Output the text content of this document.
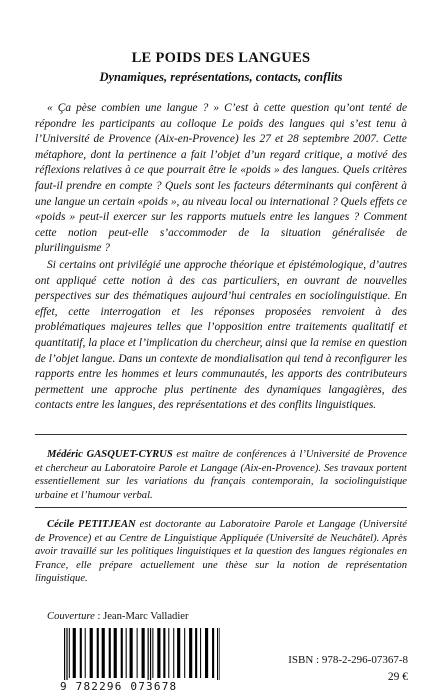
LE POIDS DES LANGUES
Dynamiques, représentations, contacts, conflits

« Ça pèse combien une langue ? » C’est à cette question qu’ont tenté de répondre les participants au colloque Le poids des langues qui s’est tenu à l’Université de Provence (Aix-en-Provence) les 27 et 28 septembre 2007. Cette métaphore, dont la pertinence a fait l’objet d’un regard critique, a motivé des réflexions relatives à ce que pourrait être le «poids » des langues. Quels critères faut-il prendre en compte ? Quels sont les facteurs déterminants qui confèrent à une langue un certain «poids », au niveau local ou international ? Quels effets ce «poids » peut-il exercer sur les rapports mutuels entre les langues ? Comment cette notion peut-elle s’accommoder de la situation généralisée de plurilinguisme ?

Si certains ont privilégié une approche théorique et épistémologique, d’autres ont appliqué cette notion à des cas particuliers, en ouvrant de nouvelles perspectives sur des thématiques aujourd’hui centrales en sociolinguistique. En effet, cette interrogation et les réponses proposées renvoient à des problématiques majeures telles que l’opposition entre traitements qualitatif et quantitatif, la place et l’implication du chercheur, ainsi que la remise en question de l’objet langue. Dans un contexte de mondialisation qui tend à reconfigurer les rapports entre les hommes et leurs communautés, les apports des contributeurs permettent une approche plus pertinente des dynamiques langagières, des contacts entre les langues, des représentations et des conflits linguistiques.

Médéric GASQUET-CYRUS est maître de conférences à l’Université de Provence et chercheur au Laboratoire Parole et Langage (Aix-en-Provence). Ses travaux portent essentiellement sur les variations du français contemporain, la sociolinguistique urbaine et l’humour verbal.

Cécile PETITJEAN est doctorante au Laboratoire Parole et Langage (Université de Provence) et au Centre de Linguistique Appliquée (Université de Neuchâtel). Après avoir travaillé sur les politiques linguistiques et la question des langues régionales en France, elle prépare actuellement une thèse sur la notion de représentation linguistique.

Couverture : Jean-Marc Valladier
9 782296 073678
ISBN : 978-2-296-07367-8
29 €
